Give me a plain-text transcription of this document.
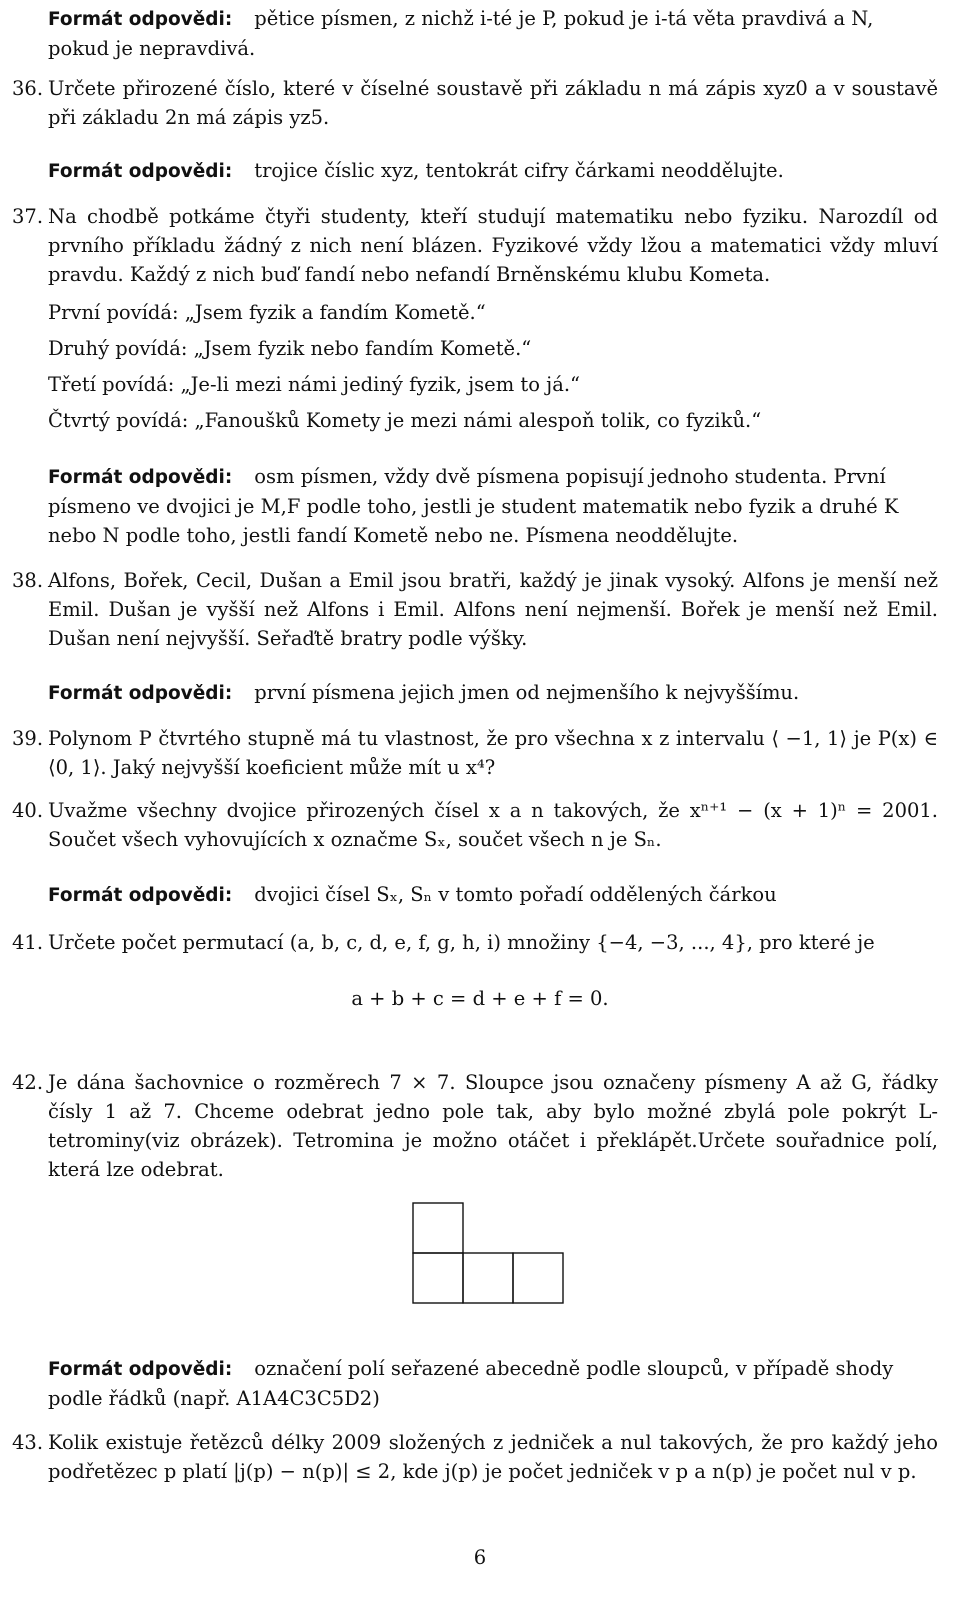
Formát odpovědi: pětice písmen, z nichž i-té je P, pokud je i-tá věta pravdivá a N, pokud je nepravdivá.
36. Určete přirozené číslo, které v číselné soustavě při základu n má zápis xyz0 a v soustavě při základu 2n má zápis yz5.

Formát odpovědi: trojice číslic xyz, tentokrát cifry čárkami neoddělujte.
37. Na chodbě potkáme čtyři studenty, kteří studují matematiku nebo fyziku. Narozdíl od prvního příkladu žádný z nich není blázen. Fyzikové vždy lžou a matematici vždy mluví pravdu. Každý z nich buď fandí nebo nefandí Brněnskému klubu Kometa.

První povídá: „Jsem fyzik a fandím Kometě.“
Druhý povídá: „Jsem fyzik nebo fandím Kometě.“
Třetí povídá: „Je-li mezi námi jediný fyzik, jsem to já.“
Čtvrtý povídá: „Fanoušků Komety je mezi námi alespoň tolik, co fyziků.“
Formát odpovědi: osm písmen, vždy dvě písmena popisují jednoho studenta. První písmeno ve dvojici je M,F podle toho, jestli je student matematik nebo fyzik a druhé K nebo N podle toho, jestli fandí Kometě nebo ne. Písmena neoddělujte.
38. Alfons, Bořek, Cecil, Dušan a Emil jsou bratři, každý je jinak vysoký. Alfons je menší než Emil. Dušan je vyšší než Alfons i Emil. Alfons není nejmenší. Bořek je menší než Emil. Dušan není nejvyšší. Seřaďtě bratry podle výšky.

Formát odpovědi: první písmena jejich jmen od nejmenšího k nejvyššímu.
39. Polynom P čtvrtého stupně má tu vlastnost, že pro všechna x z intervalu ⟨ −1, 1⟩ je P(x) ∈ ⟨0, 1⟩. Jaký nejvyšší koeficient může mít u x⁴?

40. Uvažme všechny dvojice přirozených čísel x a n takových, že xⁿ⁺¹ − (x + 1)ⁿ = 2001. Součet všech vyhovujících x označme Sₓ, součet všech n je Sₙ.

Formát odpovědi: dvojici čísel Sₓ, Sₙ v tomto pořadí oddělených čárkou
41. Určete počet permutací (a, b, c, d, e, f, g, h, i) množiny {−4, −3, ..., 4}, pro které je

a + b + c = d + e + f = 0.
42. Je dána šachovnice o rozměrech 7 × 7. Sloupce jsou označeny písmeny A až G, řádky čísly 1 až 7. Chceme odebrat jedno pole tak, aby bylo možné zbylá pole pokrýt L-tetrominy(viz obrázek). Tetromina je možno otáčet i překlápět.Určete souřadnice polí, která lze odebrat.

Formát odpovědi: označení polí seřazené abecedně podle sloupců, v případě shody podle řádků (např. A1A4C3C5D2)
43. Kolik existuje řetězců délky 2009 složených z jedniček a nul takových, že pro každý jeho podřetězec p platí |j(p) − n(p)| ≤ 2, kde j(p) je počet jedniček v p a n(p) je počet nul v p.

6
